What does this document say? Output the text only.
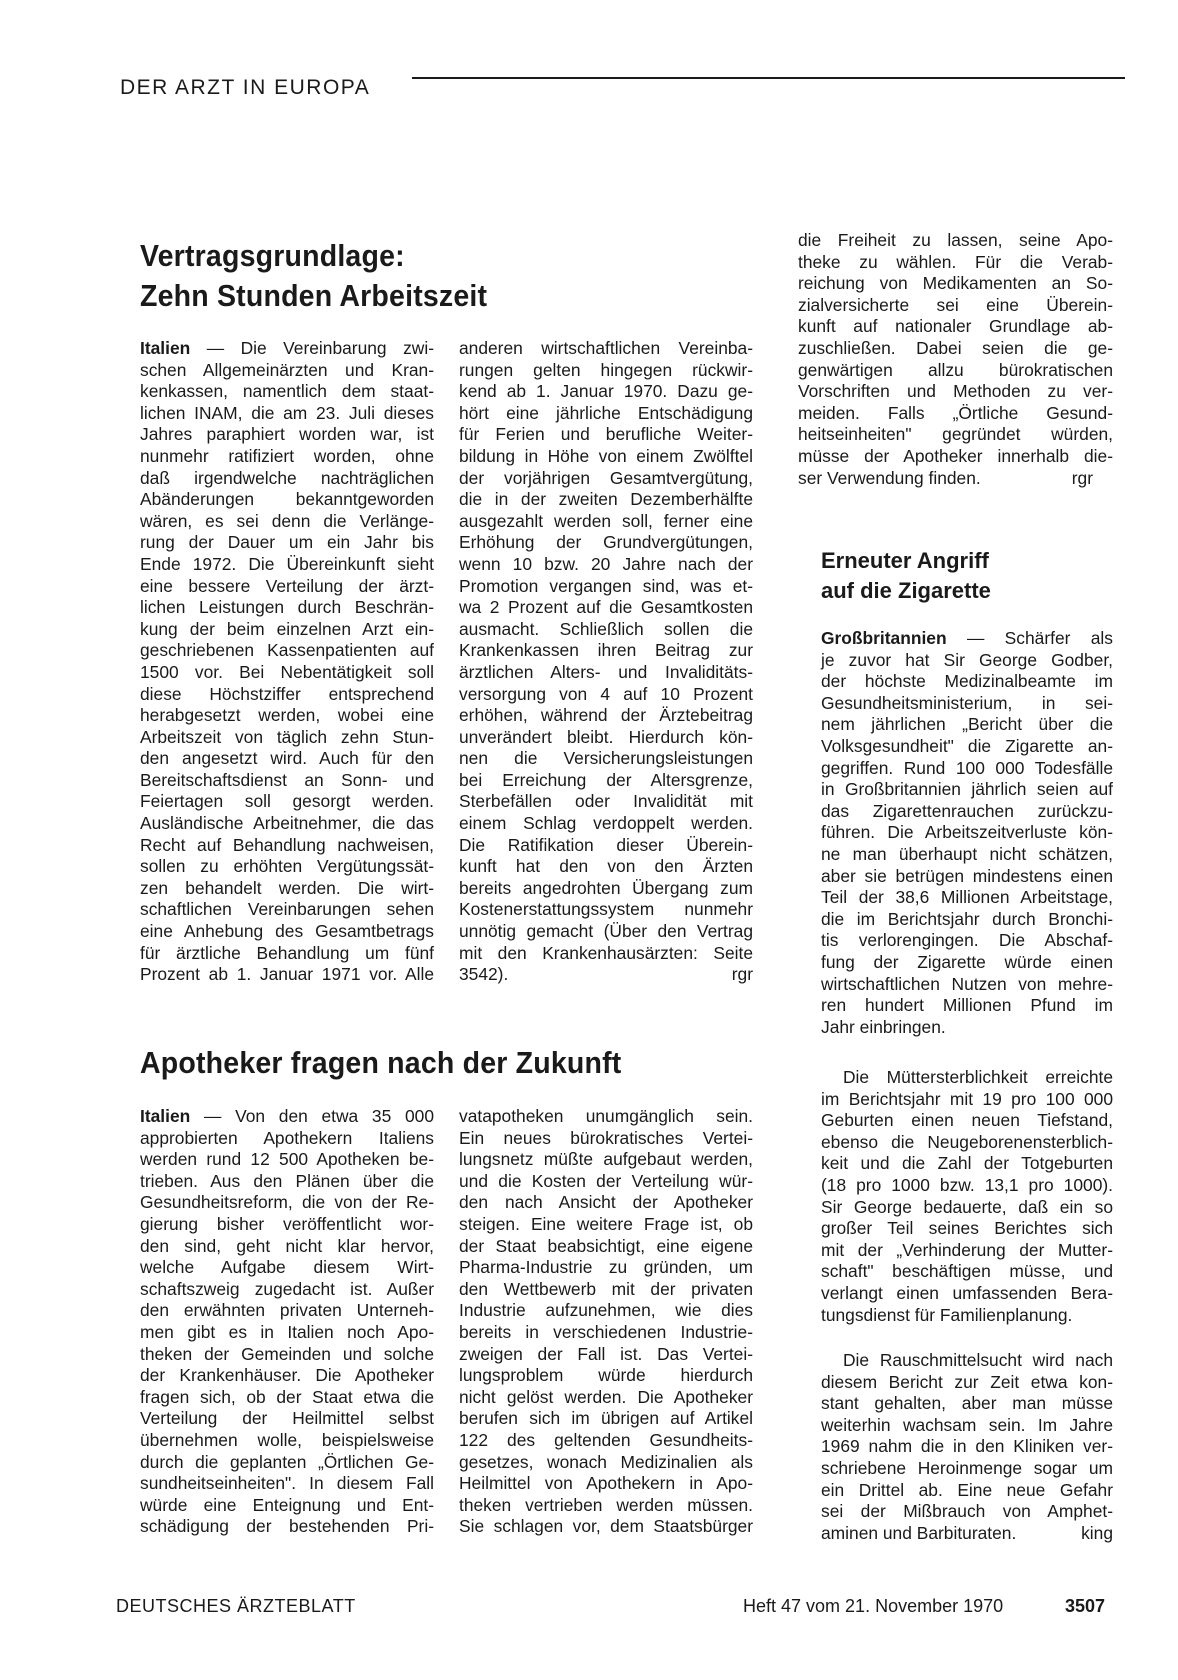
DER ARZT IN EUROPA
Vertragsgrundlage:
Zehn Stunden Arbeitszeit
Italien — Die Vereinbarung zwi-
schen Allgemeinärzten und Kran-
kenkassen, namentlich dem staat-
lichen INAM, die am 23. Juli dieses
Jahres paraphiert worden war, ist
nunmehr ratifiziert worden, ohne
daß irgendwelche nachträglichen
Abänderungen bekanntgeworden
wären, es sei denn die Verlänge-
rung der Dauer um ein Jahr bis
Ende 1972. Die Übereinkunft sieht
eine bessere Verteilung der ärzt-
lichen Leistungen durch Beschrän-
kung der beim einzelnen Arzt ein-
geschriebenen Kassenpatienten auf
1500 vor. Bei Nebentätigkeit soll
diese Höchstziffer entsprechend
herabgesetzt werden, wobei eine
Arbeitszeit von täglich zehn Stun-
den angesetzt wird. Auch für den
Bereitschaftsdienst an Sonn- und
Feiertagen soll gesorgt werden.
Ausländische Arbeitnehmer, die das
Recht auf Behandlung nachweisen,
sollen zu erhöhten Vergütungssät-
zen behandelt werden. Die wirt-
schaftlichen Vereinbarungen sehen
eine Anhebung des Gesamtbetrags
für ärztliche Behandlung um fünf
Prozent ab 1. Januar 1971 vor. Alle
anderen wirtschaftlichen Vereinba-
rungen gelten hingegen rückwir-
kend ab 1. Januar 1970. Dazu ge-
hört eine jährliche Entschädigung
für Ferien und berufliche Weiter-
bildung in Höhe von einem Zwölftel
der vorjährigen Gesamtvergütung,
die in der zweiten Dezemberhälfte
ausgezahlt werden soll, ferner eine
Erhöhung der Grundvergütungen,
wenn 10 bzw. 20 Jahre nach der
Promotion vergangen sind, was et-
wa 2 Prozent auf die Gesamtkosten
ausmacht. Schließlich sollen die
Krankenkassen ihren Beitrag zur
ärztlichen Alters- und Invaliditäts-
versorgung von 4 auf 10 Prozent
erhöhen, während der Ärztebeitrag
unverändert bleibt. Hierdurch kön-
nen die Versicherungsleistungen
bei Erreichung der Altersgrenze,
Sterbefällen oder Invalidität mit
einem Schlag verdoppelt werden.
Die Ratifikation dieser Überein-
kunft hat den von den Ärzten
bereits angedrohten Übergang zum
Kostenerstattungssystem nunmehr
unnötig gemacht (Über den Vertrag
mit den Krankenhausärzten: Seite
3542).	rgr
Apotheker fragen nach der Zukunft
Italien — Von den etwa 35 000
approbierten Apothekern Italiens
werden rund 12 500 Apotheken be-
trieben. Aus den Plänen über die
Gesundheitsreform, die von der Re-
gierung bisher veröffentlicht wor-
den sind, geht nicht klar hervor,
welche Aufgabe diesem Wirt-
schaftszweig zugedacht ist. Außer
den erwähnten privaten Unterneh-
men gibt es in Italien noch Apo-
theken der Gemeinden und solche
der Krankenhäuser. Die Apotheker
fragen sich, ob der Staat etwa die
Verteilung der Heilmittel selbst
übernehmen wolle, beispielsweise
durch die geplanten „Örtlichen Ge-
sundheitseinheiten". In diesem Fall
würde eine Enteignung und Ent-
schädigung der bestehenden Pri-
vatapotheken unumgänglich sein.
Ein neues bürokratisches Vertei-
lungsnetz müßte aufgebaut werden,
und die Kosten der Verteilung wür-
den nach Ansicht der Apotheker
steigen. Eine weitere Frage ist, ob
der Staat beabsichtigt, eine eigene
Pharma-Industrie zu gründen, um
den Wettbewerb mit der privaten
Industrie aufzunehmen, wie dies
bereits in verschiedenen Industrie-
zweigen der Fall ist. Das Vertei-
lungsproblem würde hierdurch
nicht gelöst werden. Die Apotheker
berufen sich im übrigen auf Artikel
122 des geltenden Gesundheits-
gesetzes, wonach Medizinalien als
Heilmittel von Apothekern in Apo-
theken vertrieben werden müssen.
Sie schlagen vor, dem Staatsbürger
die Freiheit zu lassen, seine Apo-
theke zu wählen. Für die Verab-
reichung von Medikamenten an So-
zialversicherte sei eine Überein-
kunft auf nationaler Grundlage ab-
zuschließen. Dabei seien die ge-
genwärtigen allzu bürokratischen
Vorschriften und Methoden zu ver-
meiden. Falls „Örtliche Gesund-
heitseinheiten" gegründet würden,
müsse der Apotheker innerhalb die-
ser Verwendung finden.	rgr
Erneuter Angriff
auf die Zigarette
Großbritannien — Schärfer als
je zuvor hat Sir George Godber,
der höchste Medizinalbeamte im
Gesundheitsministerium, in sei-
nem jährlichen „Bericht über die
Volksgesundheit" die Zigarette an-
gegriffen. Rund 100 000 Todesfälle
in Großbritannien jährlich seien auf
das Zigarettenrauchen zurückzu-
führen. Die Arbeitszeitverluste kön-
ne man überhaupt nicht schätzen,
aber sie betrügen mindestens einen
Teil der 38,6 Millionen Arbeitstage,
die im Berichtsjahr durch Bronchi-
tis verlorengingen. Die Abschaf-
fung der Zigarette würde einen
wirtschaftlichen Nutzen von mehre-
ren hundert Millionen Pfund im
Jahr einbringen.
Die Müttersterblichkeit erreichte
im Berichtsjahr mit 19 pro 100 000
Geburten einen neuen Tiefstand,
ebenso die Neugeborenensterblich-
keit und die Zahl der Totgeburten
(18 pro 1000 bzw. 13,1 pro 1000).
Sir George bedauerte, daß ein so
großer Teil seines Berichtes sich
mit der „Verhinderung der Mutter-
schaft" beschäftigen müsse, und
verlangt einen umfassenden Bera-
tungsdienst für Familienplanung.
Die Rauschmittelsucht wird nach
diesem Bericht zur Zeit etwa kon-
stant gehalten, aber man müsse
weiterhin wachsam sein. Im Jahre
1969 nahm die in den Kliniken ver-
schriebene Heroinmenge sogar um
ein Drittel ab. Eine neue Gefahr
sei der Mißbrauch von Amphet-
aminen und Barbituraten.	king
DEUTSCHES ÄRZTEBLATT	Heft 47 vom 21. November 1970	3507
